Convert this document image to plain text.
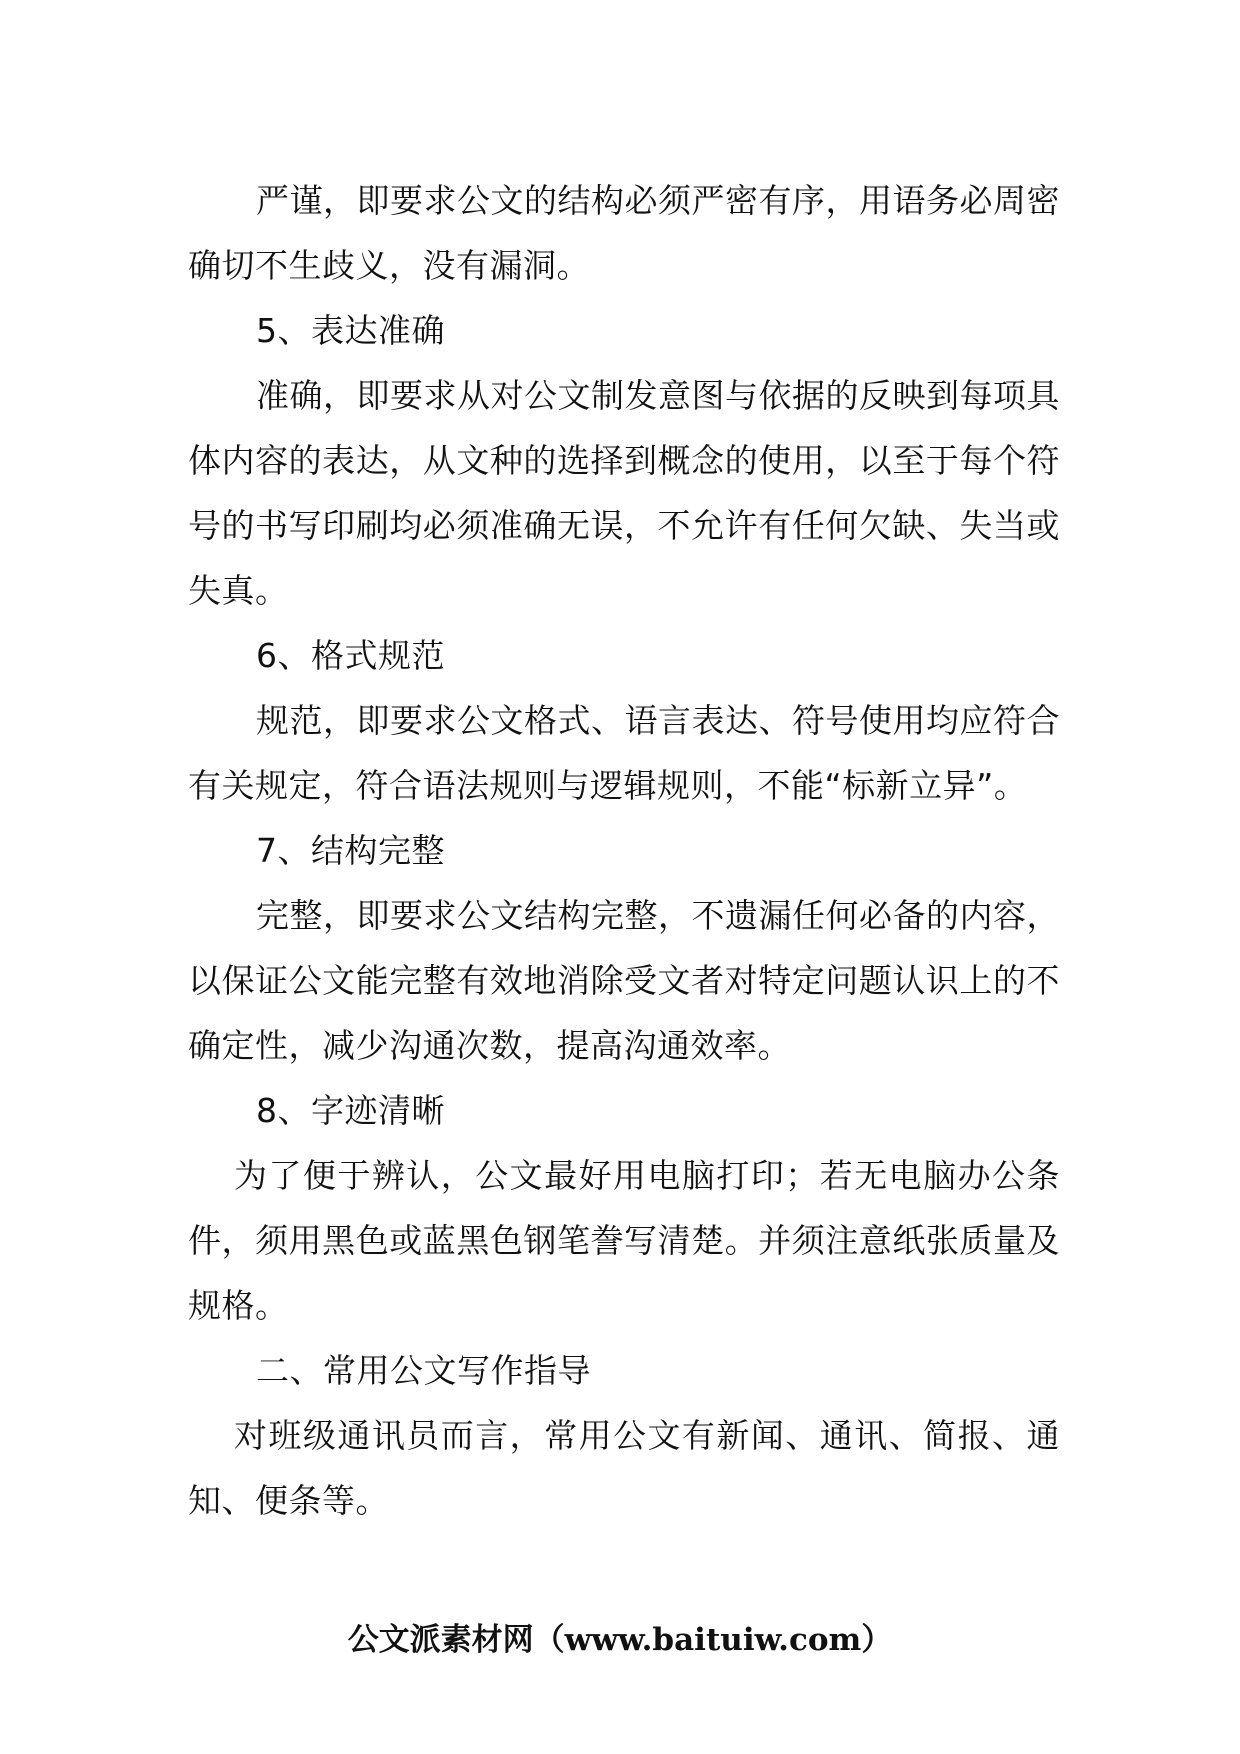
严谨，即要求公文的结构必须严密有序，用语务必周密确切不生歧义，没有漏洞。

5、表达准确

准确，即要求从对公文制发意图与依据的反映到每项具体内容的表达，从文种的选择到概念的使用，以至于每个符号的书写印刷均必须准确无误，不允许有任何欠缺、失当或失真。

6、格式规范

规范，即要求公文格式、语言表达、符号使用均应符合有关规定，符合语法规则与逻辑规则，不能“标新立异”。

7、结构完整

完整，即要求公文结构完整，不遗漏任何必备的内容，以保证公文能完整有效地消除受文者对特定问题认识上的不确定性，减少沟通次数，提高沟通效率。

8、字迹清晰

为了便于辨认，公文最好用电脑打印；若无电脑办公条件，须用黑色或蓝黑色钢笔誊写清楚。并须注意纸张质量及规格。

二、常用公文写作指导

对班级通讯员而言，常用公文有新闻、通讯、简报、通知、便条等。

公文派素材网（www.baituiw.com）
